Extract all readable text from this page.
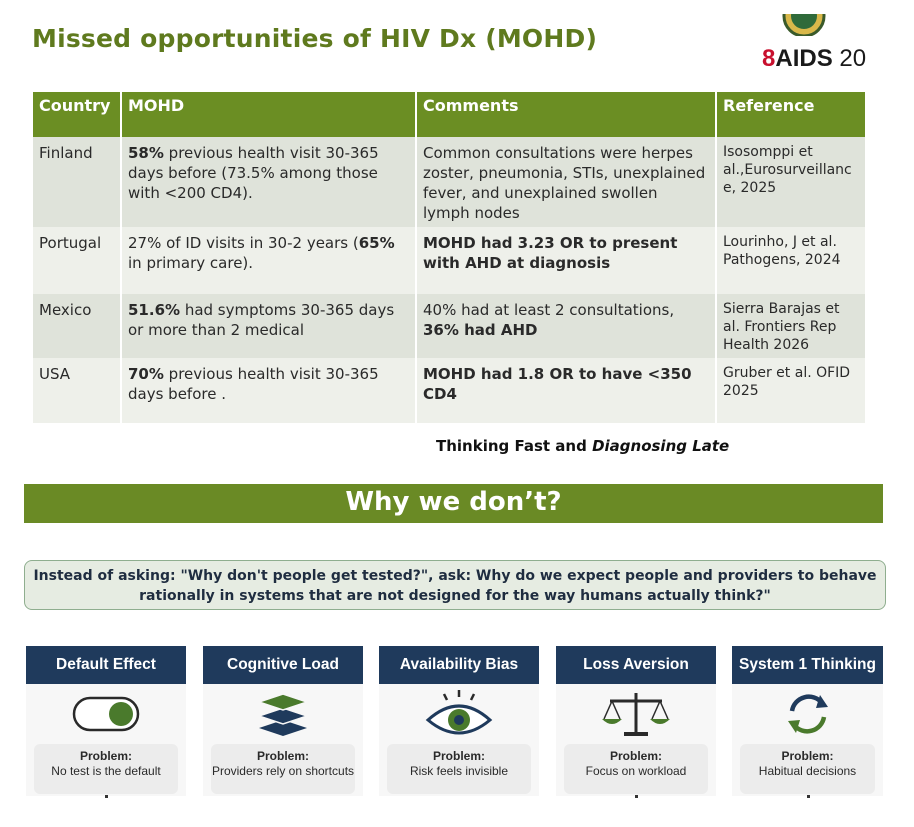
Missed opportunities of HIV Dx (MOHD)
8AIDS 20
Country	MOHD	Comments	Reference
Finland	58% previous health visit 30-365 days before (73.5% among those with <200 CD4).	Common consultations were herpes zoster, pneumonia, STIs, unexplained fever, and unexplained swollen lymph nodes	Isosomppi et al.,Eurosurveillanc e, 2025
Portugal	27% of ID visits in 30-2 years (65% in primary care).	MOHD had 3.23 OR to present with AHD at diagnosis	Lourinho, J et al. Pathogens, 2024
Mexico	51.6% had symptoms 30-365 days or more than 2 medical	40% had at least 2 consultations, 36% had AHD	Sierra Barajas et al. Frontiers Rep Health 2026
USA	70% previous health visit 30-365 days before .	MOHD had 1.8 OR to have <350 CD4	Gruber et al. OFID 2025
Thinking Fast and Diagnosing Late
Why we don’t?
Instead of asking: "Why don't people get tested?", ask: Why do we expect people and providers to behave rationally in systems that are not designed for the way humans actually think?"
Default Effect
Problem:
No test is the default
Cognitive Load
Problem:
Providers rely on shortcuts
Availability Bias
Problem:
Risk feels invisible
Loss Aversion
Problem:
Focus on workload
System 1 Thinking
Problem:
Habitual decisions
